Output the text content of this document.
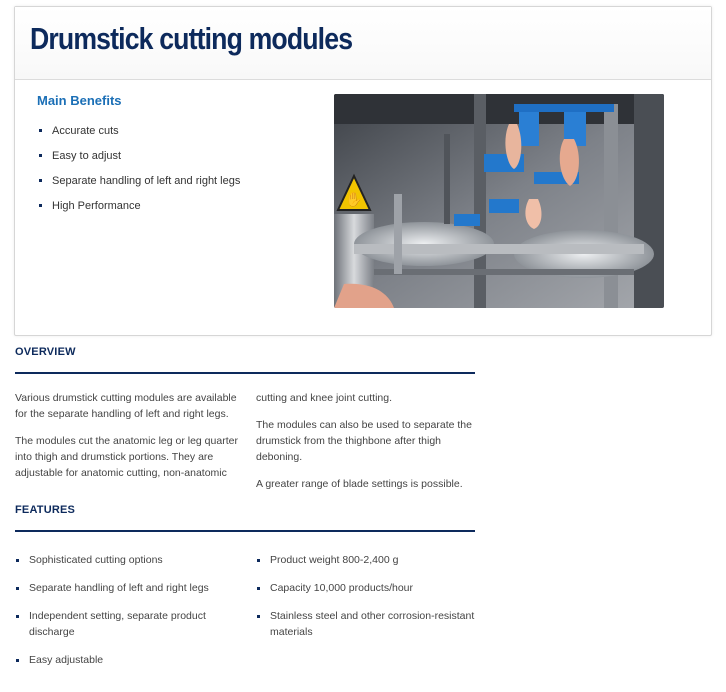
Drumstick cutting modules
Main Benefits
Accurate cuts
Easy to adjust
Separate handling of left and right legs
High Performance	✋
OVERVIEW

Various drumstick cutting modules are available for the separate handling of left and right legs.

The modules cut the anatomic leg or leg quarter into thigh and drumstick portions. They are adjustable for anatomic cutting, non-anatomic

cutting and knee joint cutting.

The modules can also be used to separate the drumstick from the thighbone after thigh deboning.

A greater range of blade settings is possible.

FEATURES
Sophisticated cutting options
Separate handling of left and right legs
Independent setting, separate product discharge
Easy adjustable
Product weight 800-2,400 g
Capacity 10,000 products/hour
Stainless steel and other corrosion-resistant materials
